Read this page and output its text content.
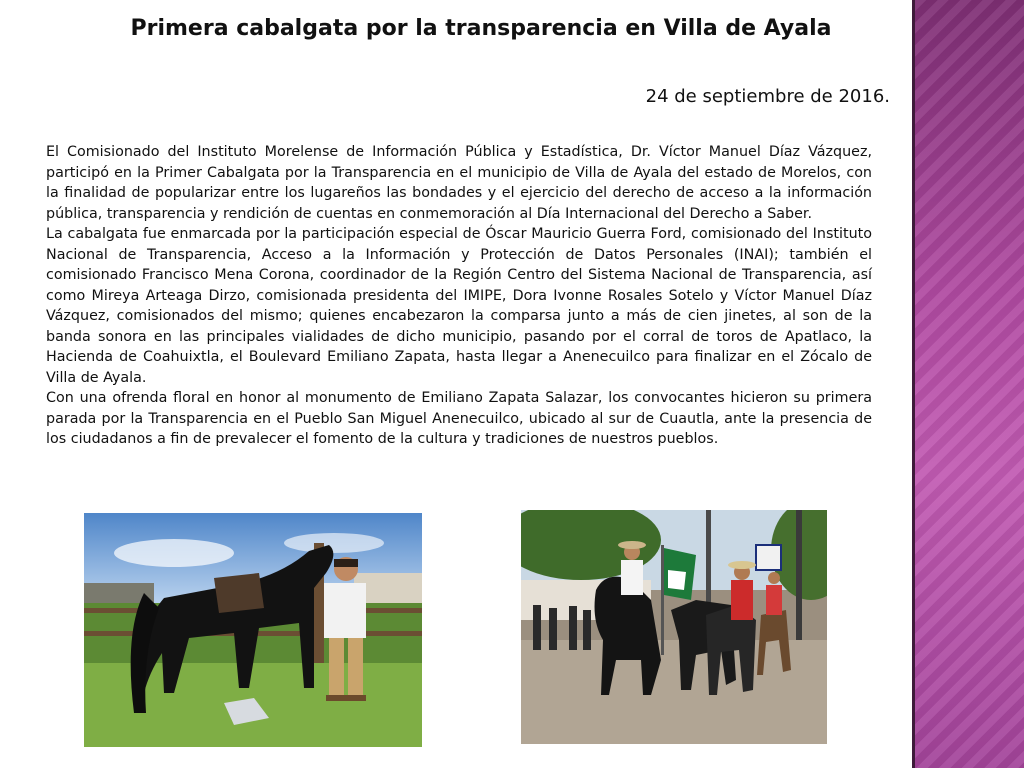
Primera cabalgata por la transparencia en Villa de Ayala

24 de septiembre de 2016.

El Comisionado del Instituto Morelense de Información Pública y Estadística, Dr. Víctor Manuel Díaz Vázquez, participó en la Primer Cabalgata por la Transparencia en el municipio de Villa de Ayala del estado de Morelos, con la finalidad de popularizar entre los lugareños las bondades y el ejercicio del derecho de acceso a la información pública, transparencia y rendición de cuentas en conmemoración al Día Internacional del Derecho a Saber.

La cabalgata fue enmarcada por la participación especial de Óscar Mauricio Guerra Ford, comisionado del Instituto Nacional de Transparencia, Acceso a la Información y Protección de Datos Personales (INAI); también el comisionado Francisco Mena Corona, coordinador de la Región Centro del Sistema Nacional de Transparencia, así como Mireya Arteaga Dirzo, comisionada presidenta del IMIPE, Dora Ivonne Rosales Sotelo y Víctor Manuel Díaz Vázquez, comisionados del mismo; quienes encabezaron la comparsa junto a más de cien jinetes, al son de la banda sonora en las principales vialidades de dicho municipio, pasando por el corral de toros de Apatlaco, la Hacienda de Coahuixtla, el Boulevard Emiliano Zapata, hasta llegar a Anenecuilco para finalizar en el Zócalo de Villa de Ayala.

Con una ofrenda floral en honor al monumento de Emiliano Zapata Salazar, los convocantes hicieron su primera parada por la Transparencia en el Pueblo San Miguel Anenecuilco, ubicado al sur de Cuautla, ante la presencia de los ciudadanos a fin de prevalecer el fomento de la cultura y tradiciones de nuestros pueblos.
